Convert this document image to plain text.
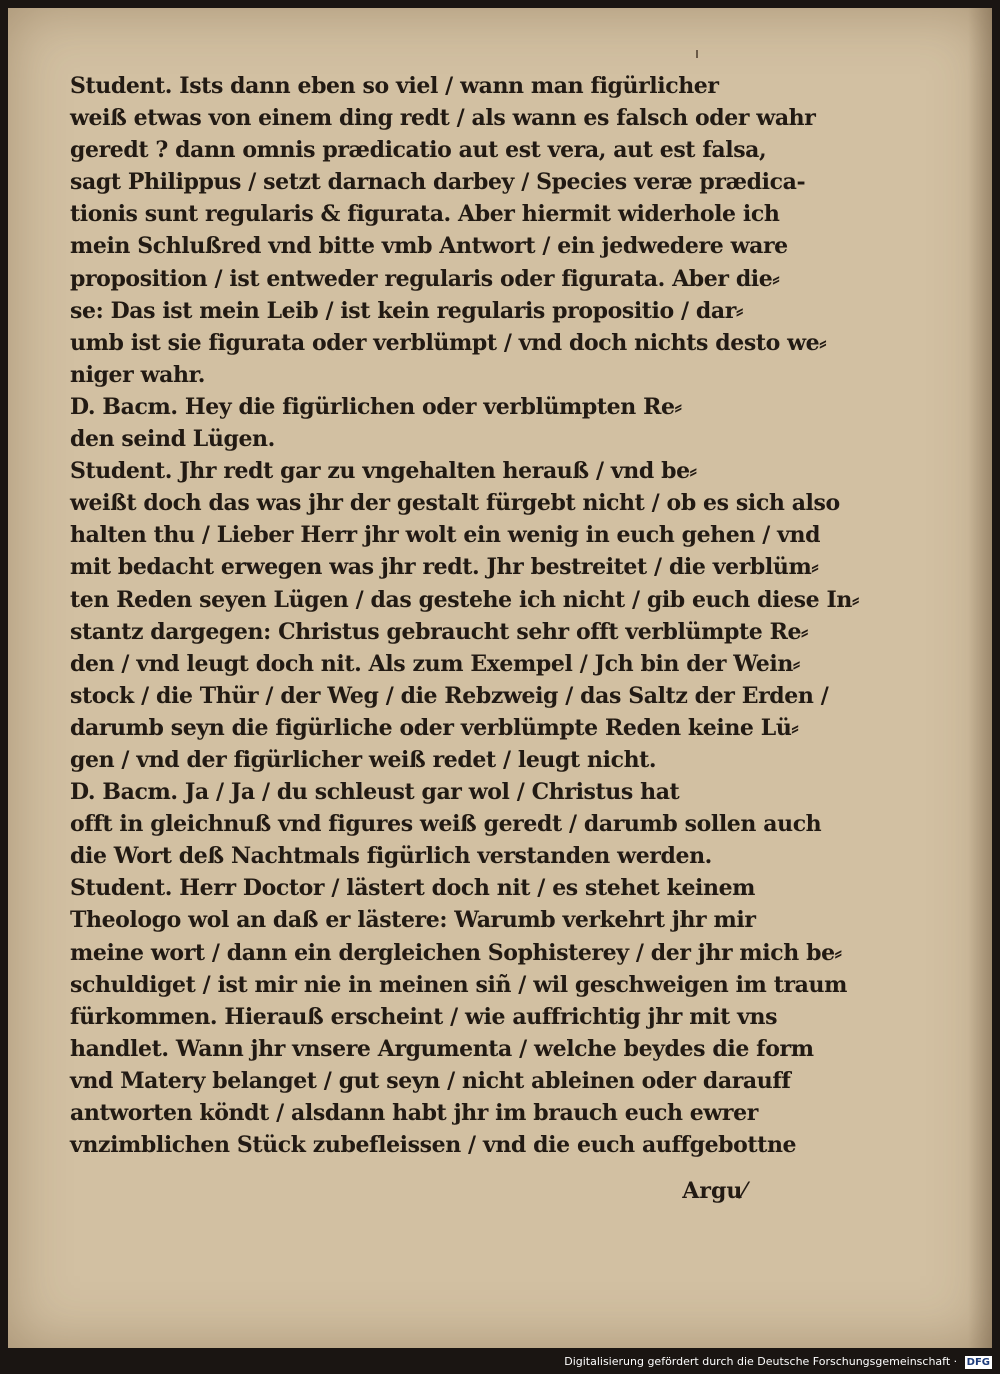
Student. Ists dann eben so viel / wann man figürlicher
weiß etwas von einem ding redt / als wann es falsch oder wahr
geredt ? dann omnis prædicatio aut est vera, aut est falsa,
sagt Philippus / setzt darnach darbey / Species veræ prædica-
tionis sunt regularis & figurata. Aber hiermit widerhole ich
mein Schlußred vnd bitte vmb Antwort / ein jedwedere ware
proposition / ist entweder regularis oder figurata. Aber die⸗
se: Das ist mein Leib / ist kein regularis propositio / dar⸗
umb ist sie figurata oder verblümpt / vnd doch nichts desto we⸗
niger wahr.
D. Bacm. Hey die figürlichen oder verblümpten Re⸗
den seind Lügen.
Student. Jhr redt gar zu vngehalten herauß / vnd be⸗
weißt doch das was jhr der gestalt fürgebt nicht / ob es sich also
halten thu / Lieber Herr jhr wolt ein wenig in euch gehen / vnd
mit bedacht erwegen was jhr redt. Jhr bestreitet / die verblüm⸗
ten Reden seyen Lügen / das gestehe ich nicht / gib euch diese In⸗
stantz dargegen: Christus gebraucht sehr offt verblümpte Re⸗
den / vnd leugt doch nit. Als zum Exempel / Jch bin der Wein⸗
stock / die Thür / der Weg / die Rebzweig / das Saltz der Erden /
darumb seyn die figürliche oder verblümpte Reden keine Lü⸗
gen / vnd der figürlicher weiß redet / leugt nicht.
D. Bacm. Ja / Ja / du schleust gar wol / Christus hat
offt in gleichnuß vnd figures weiß geredt / darumb sollen auch
die Wort deß Nachtmals figürlich verstanden werden.
Student. Herr Doctor / lästert doch nit / es stehet keinem
Theologo wol an daß er lästere: Warumb verkehrt jhr mir
meine wort / dann ein dergleichen Sophisterey / der jhr mich be⸗
schuldiget / ist mir nie in meinen siñ / wil geschweigen im traum
fürkommen. Hierauß erscheint / wie auffrichtig jhr mit vns
handlet. Wann jhr vnsere Argumenta / welche beydes die form
vnd Matery belanget / gut seyn / nicht ableinen oder darauff
antworten köndt / alsdann habt jhr im brauch euch ewrer
vnzimblichen Stück zubefleissen / vnd die euch auffgebottne
Argu⁄
Digitalisierung gefördert durch die Deutsche Forschungsgemeinschaft · DFG
